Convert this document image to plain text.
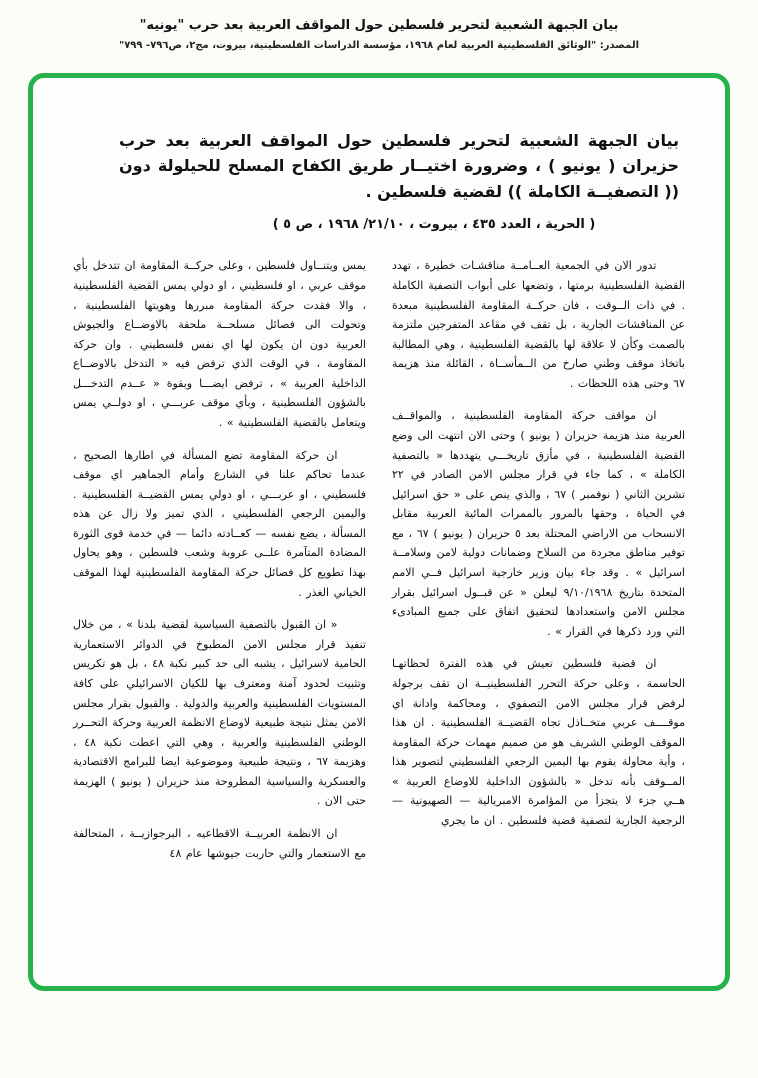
بيان الجبهة الشعبية لتحرير فلسطين حول المواقف العربية بعد حرب "يونيه"
المصدر: "الوثائق الفلسطينية العربية لعام ١٩٦٨، مؤسسة الدراسات الفلسطينية، بيروت، مج٢، ص٧٩٦- ٧٩٩"
بيان الجبهة الشعبية لتحرير فلسطين حول المواقف العربية بعد حرب حزيران ( يونيو ) ، وضرورة اختيــار طريق الكفاح المسلح للحيلولة دون (( التصفيــة الكاملة )) لقضية فلسطين .
( الحرية ، العدد ٤٣٥ ، بيروت ، ٢١/١٠/ ١٩٦٨ ، ص ٥ )

تدور الان في الجمعية العــامــة مناقشـات خطيرة ، تهدد القضية الفلسطينية برمتها ، وتضعها على أبواب التصفية الكاملة . في ذات الــوقت ، فان حركــة المقاومة الفلسطينية مبعدة عن المناقشات الجارية ، بل تقف في مقاعد المتفرجين ملتزمة بالصمت وكأن لا علاقة لها بالقضية الفلسطينية ، وهي المطالبة باتخاذ موقف وطني صارخ من الــمأســاة ، القائلة منذ هزيمة ٦٧ وحتى هذه اللحظات .

ان مواقف حركة المقاومة الفلسطينية ، والمواقــف العربية منذ هزيمة حزيران ( يونيو ) وحتى الان انتهت الى وضع القضية الفلسطينية ، في مأزق تاريخـــي يتهددها « بالتصفية الكاملة » ، كما جاء في قرار مجلس الامن الصادر في ٢٢ تشرين الثاني ( نوفمبر ) ٦٧ ، والذي ينص على « حق اسرائيل في الحياة ، وحقها بالمرور بالممرات المائية العربية مقابل الانسحاب من الاراضي المحتلة بعد ٥ حزيران ( يونيو ) ٦٧ ، مع توفير مناطق مجردة من السلاح وضمانات دولية لامن وسلامــة اسرائيل » . وقد جاء بيان وزير خارجية اسرائيل فــي الامم المتحدة بتاريخ ٩/١٠/١٩٦٨ ليعلن « عن قبــول اسرائيل بقرار مجلس الامن واستعدادها لتحقيق اتفاق على جميع المبادىء التي ورد ذكرها في القرار » .

ان قضية فلسطين تعيش في هذه الفترة لحظاتهـا الحاسمة ، وعلى حركة التحرر الفلسطينيــة ان تقف برجولة لرفض قرار مجلس الامن التصفوي ، ومحاكمة وادانة اي موقــــف عربي متخــاذل تجاه القضيــة الفلسطينية . ان هذا الموقف الوطني الشريف هو من صميم مهمات حركة المقاومة ، وأية محاولة يقوم بها اليمين الرجعي الفلسطيني لتصوير هذا المــوقف بأنه تدخل « بالشؤون الداخلية للاوضاع العربية » هــي جزء لا يتجزأ من المؤامرة الامبريالية — الصهيونية — الرجعية الجارية لتصفية قضية فلسطين . ان ما يجري

يمس ويتنــاول فلسطين ، وعلى حركــة المقاومة ان تتدخل بأي موقف عربي ، او فلسطيني ، او دولي يمس القضية الفلسطينية ، والا فقدت حركة المقاومة مبررها وهويتها الفلسطينية ، وتحولت الى فصائل مسلحــة ملحقة بالاوضــاع والجيوش العربية دون ان يكون لها اي نفس فلسطيني . وان حركة المقاومة ، في الوقت الذي ترفض فيه « التدخل بالاوضــاع الداخلية العربية » ، ترفض ايضـــا وبقوة « عــدم التدخـــل بالشؤون الفلسطينية ، وبأي موقف عربـــي ، او دولــي يمس ويتعامل بالقضية الفلسطينية » .

ان حركة المقاومة تضع المسألة في اطارها الصحيح ، عندما تحاكم علنا في الشارع وأمام الجماهير اي موقف فلسطيني ، او عربـــي ، او دولي يمس القضيــة الفلسطينية . واليمين الرجعي الفلسطيني ، الذي تميز ولا زال عن هذه المسألة ، يضع نفسه — كعــادته دائما — في خدمة قوى الثورة المضادة المتآمرة علــى عروبة وشعب فلسطين ، وهو يحاول بهذا تطويع كل فصائل حركة المقاومة الفلسطينية لهذا الموقف الخياني الغذر .

« ان القبول بالتصفية السياسية لقضية بلدنا » ، من خلال تنفيذ قرار مجلس الامن المطبوخ في الدوائر الاستعمارية الحامية لاسرائيل ، يشبه الى حد كبير نكبة ٤٨ ، بل هو تكريس وتثبيت لحدود آمنة ومعترف بها للكيان الاسرائيلي على كافة المستويات الفلسطينية والعربية والدولية . والقبول بقرار مجلس الامن يمثل نتيجة طبيعية لاوضاع الانظمة العربية وحركة التحــرر الوطني الفلسطينية والعربية ، وهي التي اعطت نكبة ٤٨ ، وهزيمة ٦٧ ، ونتيجة طبيعية وموضوعية ايضا للبرامج الاقتصادية والعسكرية والسياسية المطروحة منذ حزيران ( يونيو ) الهزيمة حتى الان .

ان الانظمة العربيــة الاقطاعيه ، البرجوازيــة ، المتحالفة مع الاستعمار والتي حاربت جيوشها عام ٤٨
